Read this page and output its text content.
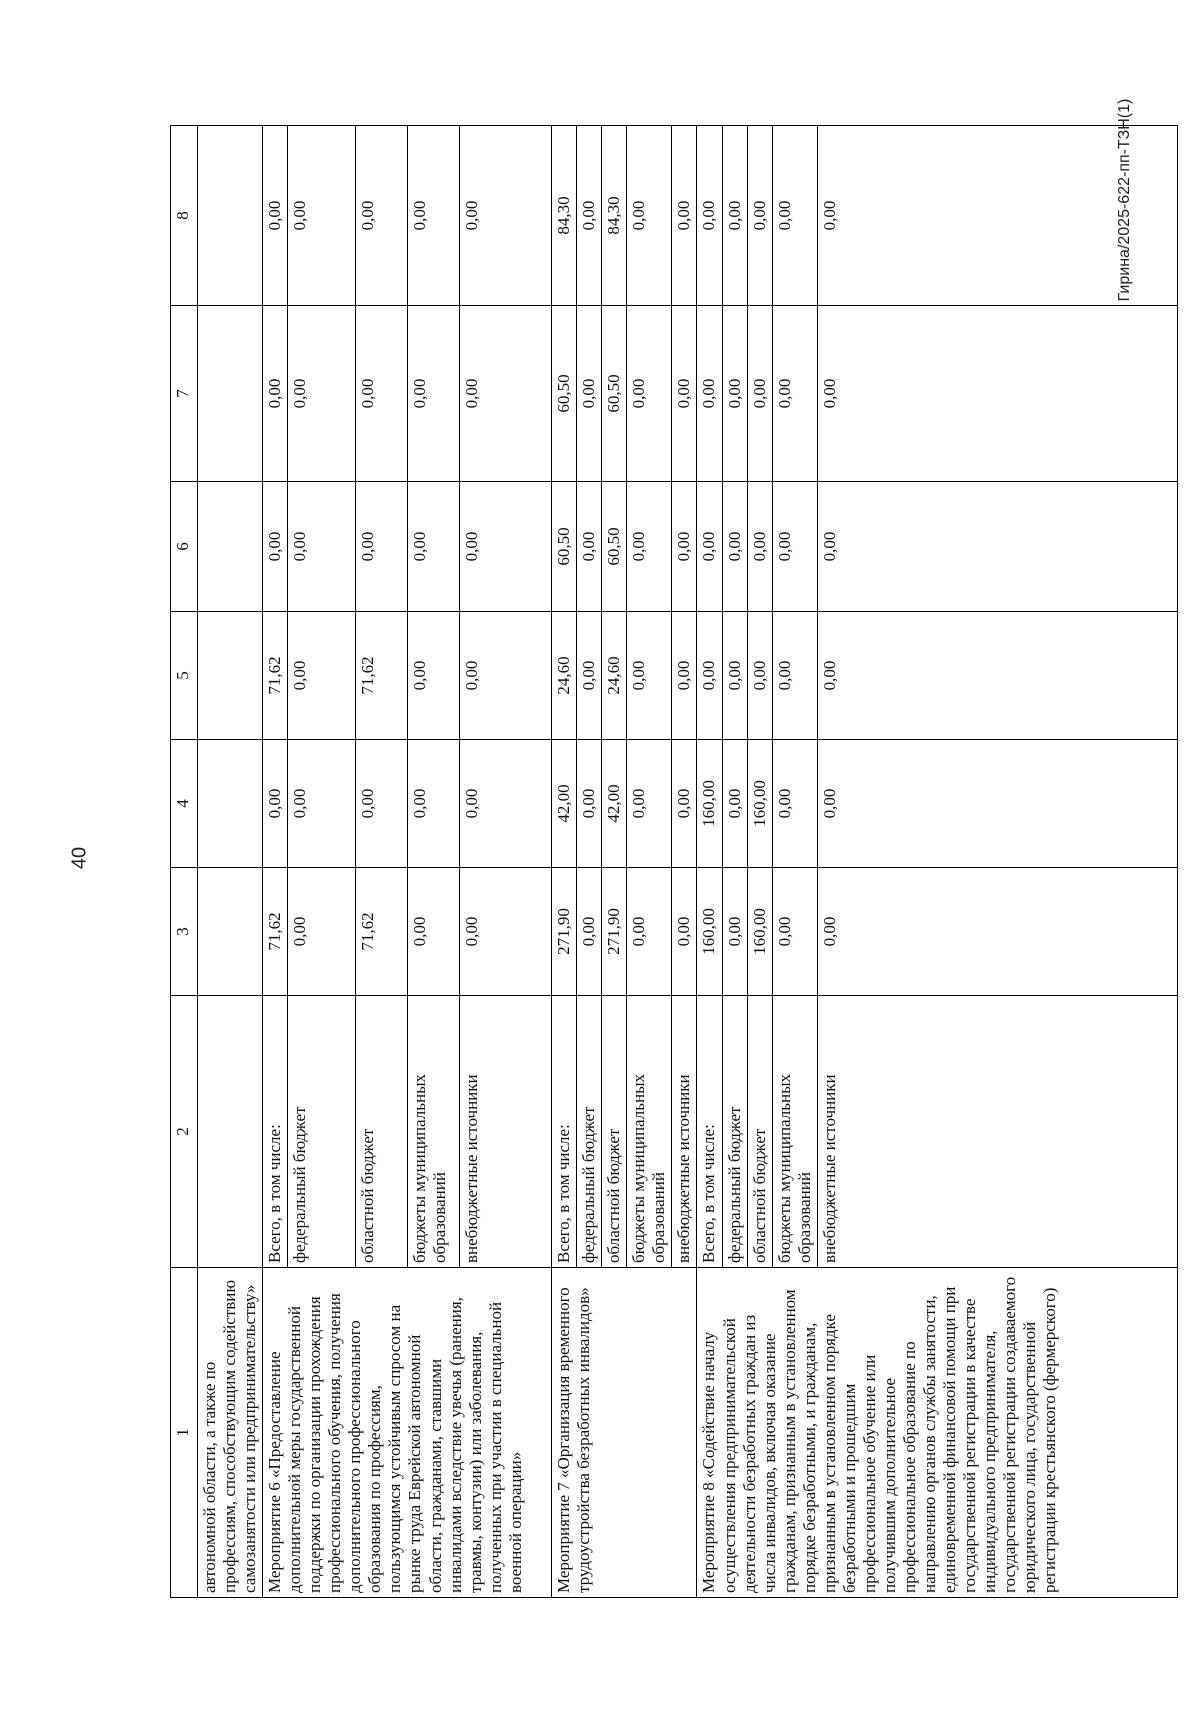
40
Гирина/2025-622-пп-ТЗН(1)
1	2	3	4	5	6	7	8
автономной области, а также по профессиям, способствующим содействию самозанятости или предпринимательству»							
Мероприятие 6 «Предоставление дополнительной меры государственной поддержки по организации прохождения профессионального обучения, получения дополнительного профессионального образования по профессиям, пользующимся устойчивым спросом на рынке труда Еврейской автономной области, гражданами, ставшими инвалидами вследствие увечья (ранения, травмы, контузии) или заболевания, полученных при участии в специальной военной операции»	Всего, в том числе:	71,62	0,00	71,62	0,00	0,00	0,00
	федеральный бюджет	0,00	0,00	0,00	0,00	0,00	0,00
	областной бюджет	71,62	0,00	71,62	0,00	0,00	0,00
	бюджеты муниципальных образований	0,00	0,00	0,00	0,00	0,00	0,00
	внебюджетные источники	0,00	0,00	0,00	0,00	0,00	0,00
Мероприятие 7 «Организация временного трудоустройства безработных инвалидов»	Всего, в том числе:	271,90	42,00	24,60	60,50	60,50	84,30
	федеральный бюджет	0,00	0,00	0,00	0,00	0,00	0,00
	областной бюджет	271,90	42,00	24,60	60,50	60,50	84,30
	бюджеты муниципальных образований	0,00	0,00	0,00	0,00	0,00	0,00
	внебюджетные источники	0,00	0,00	0,00	0,00	0,00	0,00
Мероприятие 8 «Содействие началу осуществления предпринимательской деятельности безработных граждан из числа инвалидов, включая оказание гражданам, признанным в установленном порядке безработными, и гражданам, признанным в установленном порядке безработными и прошедшим профессиональное обучение или получившим дополнительное профессиональное образование по направлению органов службы занятости, единовременной финансовой помощи при государственной регистрации в качестве индивидуального предпринимателя, государственной регистрации создаваемого юридического лица, государственной регистрации крестьянского (фермерского)	Всего, в том числе:	160,00	160,00	0,00	0,00	0,00	0,00
	федеральный бюджет	0,00	0,00	0,00	0,00	0,00	0,00
	областной бюджет	160,00	160,00	0,00	0,00	0,00	0,00
	бюджеты муниципальных образований	0,00	0,00	0,00	0,00	0,00	0,00
	внебюджетные источники	0,00	0,00	0,00	0,00	0,00	0,00
